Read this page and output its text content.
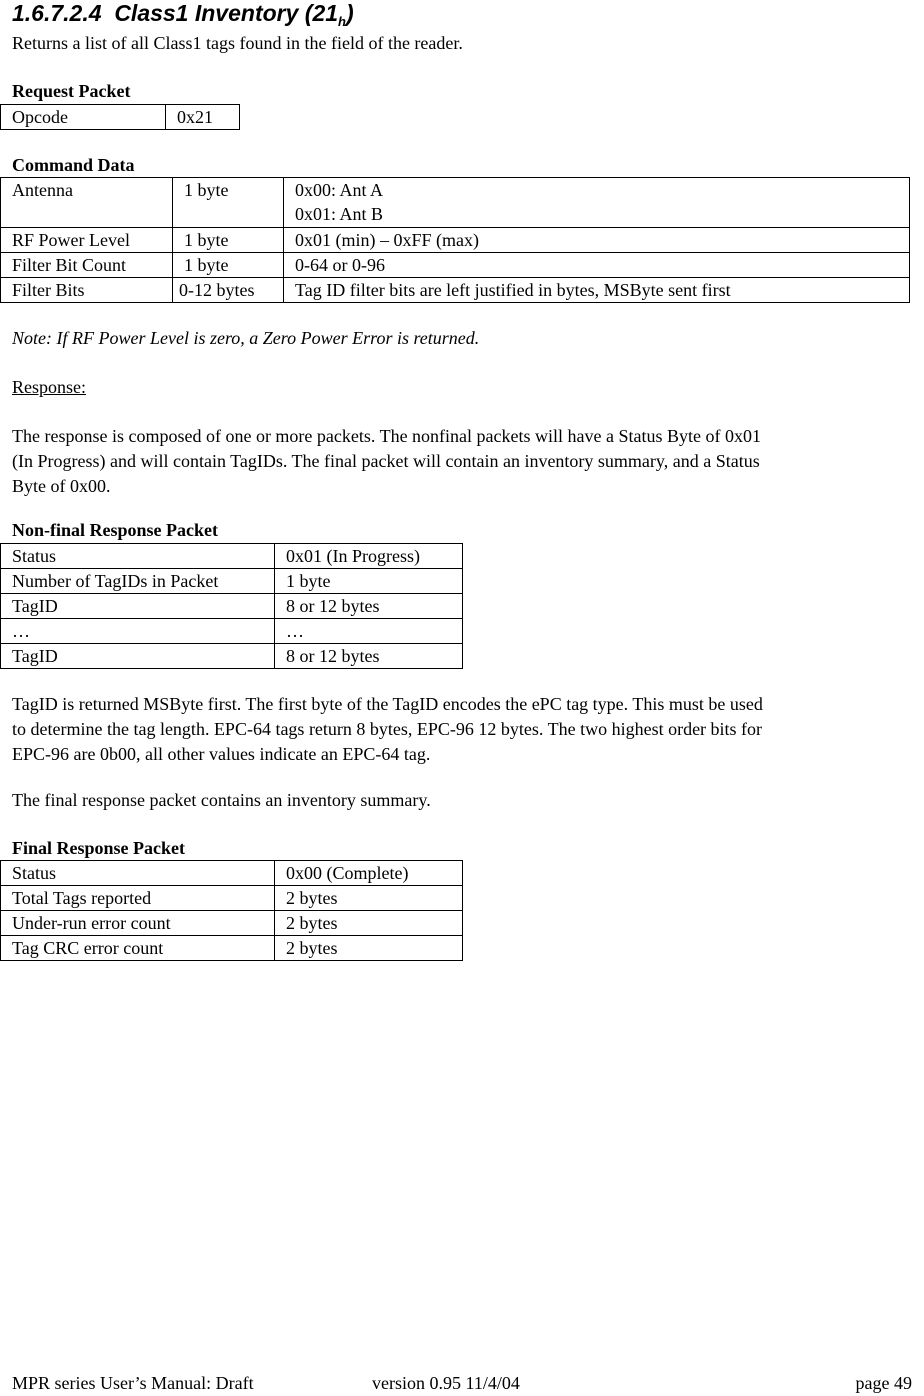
1.6.7.2.4 Class1 Inventory $(21_h)$
Returns a list of all Class1 tags found in the field of the reader.
Request Packet
Opcode	0x21
Command Data
Antenna	1 byte	0x00: Ant A
0x01: Ant B

RF Power Level	1 byte	0x01 (min) – 0xFF (max)
Filter Bit Count	1 byte	0-64 or 0-96
Filter Bits	0-12 bytes	Tag ID filter bits are left justified in bytes, MSByte sent first
Note: If RF Power Level is zero, a Zero Power Error is returned.
Response:
The response is composed of one or more packets. The nonfinal packets will have a Status Byte of 0x01
(In Progress) and will contain TagIDs. The final packet will contain an inventory summary, and a Status
Byte of 0x00.
Non-final Response Packet
Status	0x01 (In Progress)
Number of TagIDs in Packet	1 byte
TagID	8 or 12 bytes
…	…
TagID	8 or 12 bytes
TagID is returned MSByte first. The first byte of the TagID encodes the ePC tag type. This must be used
to determine the tag length. EPC-64 tags return 8 bytes, EPC-96 12 bytes. The two highest order bits for
EPC-96 are 0b00, all other values indicate an EPC-64 tag.
The final response packet contains an inventory summary.
Final Response Packet
Status	0x00 (Complete)
Total Tags reported	2 bytes
Under-run error count	2 bytes
Tag CRC error count	2 bytes
MPR series User’s Manual: Draft	version 0.95 11/4/04	page 49
